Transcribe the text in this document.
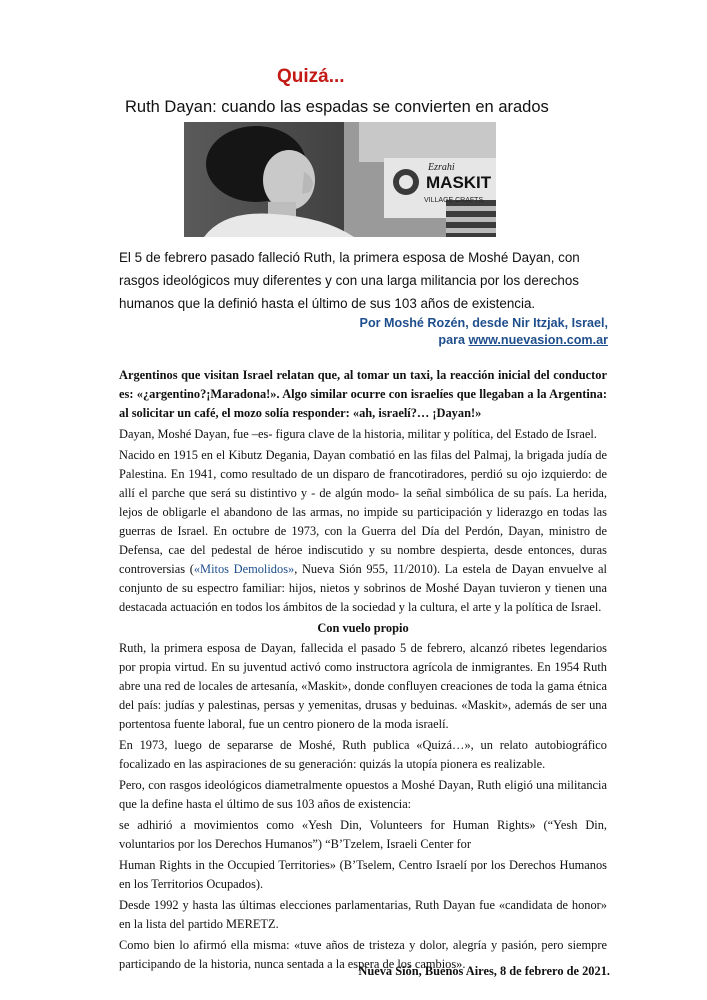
Quizá...
Ruth Dayan: cuando las espadas se convierten en arados
Ezrahi
MASKIT
VILLAGE CRAFTS
El 5 de febrero pasado falleció Ruth, la primera esposa de Moshé Dayan, con rasgos ideológicos muy diferentes y con una larga militancia por los derechos humanos que la definió hasta el último de sus 103 años de existencia.
Por Moshé Rozén, desde Nir Itzjak, Israel,
para www.nuevasion.com.ar

Argentinos que visitan Israel relatan que, al tomar un taxi, la reacción inicial del conductor es: «¿argentino?¡Maradona!». Algo similar ocurre con israelíes que llegaban a la Argentina: al solicitar un café, el mozo solía responder: «ah, israelí?… ¡Dayan!»

Dayan, Moshé Dayan, fue –es- figura clave de la historia, militar y política, del Estado de Israel.

Nacido en 1915 en el Kibutz Degania, Dayan combatió en las filas del Palmaj, la brigada judía de Palestina. En 1941, como resultado de un disparo de francotiradores, perdió su ojo izquierdo: de allí el parche que será su distintivo y - de algún modo- la señal simbólica de su país. La herida, lejos de obligarle el abandono de las armas, no impide su participación y liderazgo en todas las guerras de Israel. En octubre de 1973, con la Guerra del Día del Perdón, Dayan, ministro de Defensa, cae del pedestal de héroe indiscutido y su nombre despierta, desde entonces, duras controversias («Mitos Demolidos», Nueva Sión 955, 11/2010). La estela de Dayan envuelve al conjunto de su espectro familiar: hijos, nietos y sobrinos de Moshé Dayan tuvieron y tienen una destacada actuación en todos los ámbitos de la sociedad y la cultura, el arte y la política de Israel.

Con vuelo propio

Ruth, la primera esposa de Dayan, fallecida el pasado 5 de febrero, alcanzó ribetes legendarios por propia virtud. En su juventud activó como instructora agrícola de inmigrantes. En 1954 Ruth abre una red de locales de artesanía, «Maskit», donde confluyen creaciones de toda la gama étnica del país: judías y palestinas, persas y yemenitas, drusas y beduinas. «Maskit», además de ser una portentosa fuente laboral, fue un centro pionero de la moda israelí.

En 1973, luego de separarse de Moshé, Ruth publica «Quizá…», un relato autobiográfico focalizado en las aspiraciones de su generación: quizás la utopía pionera es realizable.

Pero, con rasgos ideológicos diametralmente opuestos a Moshé Dayan, Ruth eligió una militancia que la define hasta el último de sus 103 años de existencia:

se adhirió a movimientos como «Yesh Din, Volunteers for Human Rights» (“Yesh Din, voluntarios por los Derechos Humanos”) “B’Tzelem, Israeli Center for

Human Rights in the Occupied Territories» (B’Tselem, Centro Israelí por los Derechos Humanos en los Territorios Ocupados).

Desde 1992 y hasta las últimas elecciones parlamentarias, Ruth Dayan fue «candidata de honor» en la lista del partido MERETZ.

Como bien lo afirmó ella misma: «tuve años de tristeza y dolor, alegría y pasión, pero siempre participando de la historia, nunca sentada a la espera de los cambios».

Nueva Sión, Buenos Aires, 8 de febrero de 2021.
